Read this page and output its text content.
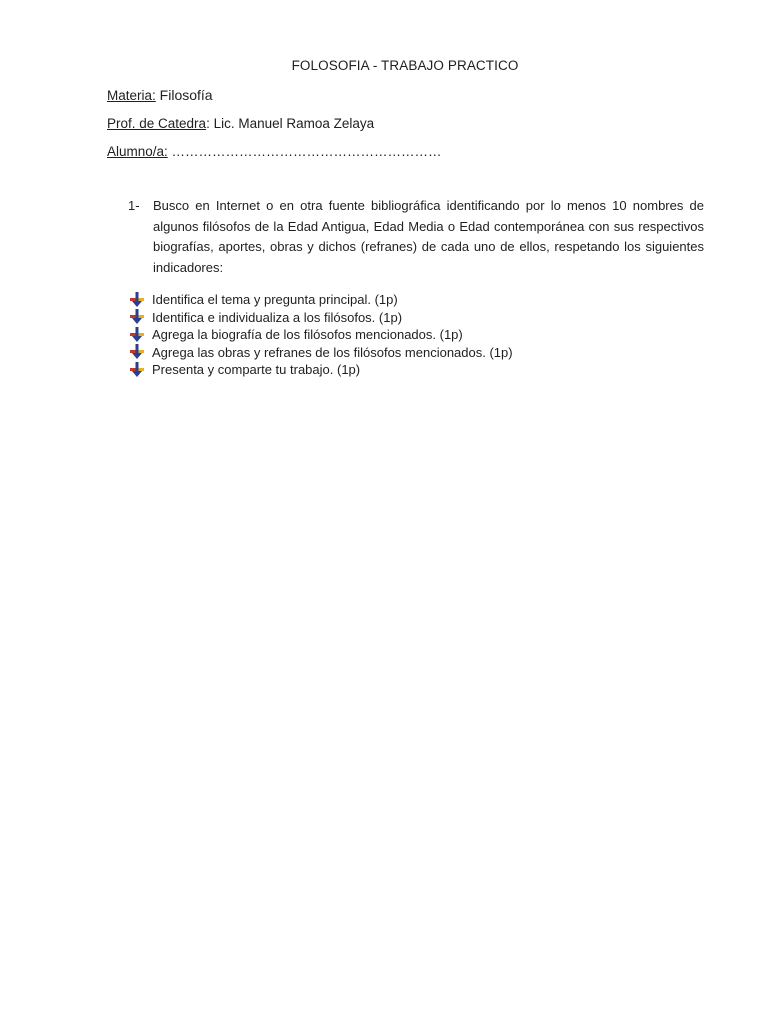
FOLOSOFIA - TRABAJO PRACTICO
Materia: Filosofía
Prof. de Catedra: Lic. Manuel Ramoa Zelaya
Alumno/a: ……………………………………………………
1- Busco en Internet o en otra fuente bibliográfica identificando por lo menos 10 nombres de algunos filósofos de la Edad Antigua, Edad Media o Edad contemporánea con sus respectivos biografías, aportes, obras y dichos (refranes) de cada uno de ellos, respetando los siguientes indicadores:
Identifica el tema y pregunta principal. (1p)
Identifica e individualiza a los filósofos. (1p)
Agrega la biografía de los filósofos mencionados. (1p)
Agrega las obras y refranes de los filósofos mencionados. (1p)
Presenta y comparte tu trabajo. (1p)
